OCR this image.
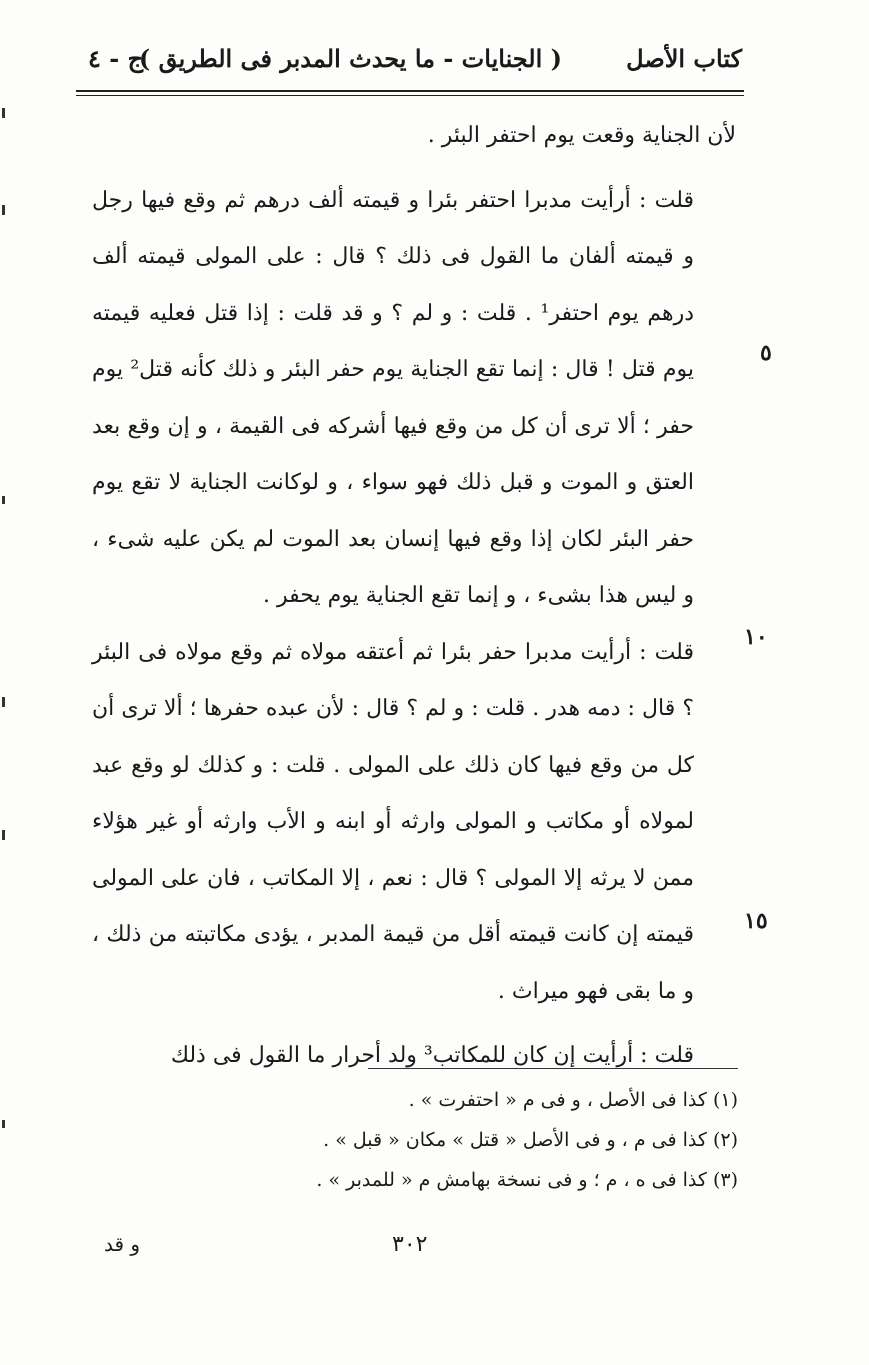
كتاب الأصل
( الجنايات - ما يحدث المدبر فى الطريق )
ج - ٤

لأن الجناية وقعت يوم احتفر البئر .

قلت : أرأيت مدبرا احتفر بئرا و قيمته ألف درهم ثم وقع فيها رجل و قيمته ألفان ما القول فى ذلك ؟ قال : على المولى قيمته ألف درهم يوم احتفر¹ . قلت : و لم ؟ و قد قلت : إذا قتل فعليه قيمته يوم قتل ! قال : إنما تقع الجناية يوم حفر البئر و ذلك كأنه قتل² يوم حفر ؛ ألا ترى أن كل من وقع فيها أشركه فى القيمة ، و إن وقع بعد العتق و الموت و قبل ذلك فهو سواء ، و لوكانت الجناية لا تقع يوم حفر البئر لكان إذا وقع فيها إنسان بعد الموت لم يكن عليه شىء ، و ليس هذا بشىء ، و إنما تقع الجناية يوم يحفر .

قلت : أرأيت مدبرا حفر بئرا ثم أعتقه مولاه ثم وقع مولاه فى البئر ؟ قال : دمه هدر . قلت : و لم ؟ قال : لأن عبده حفرها ؛ ألا ترى أن كل من وقع فيها كان ذلك على المولى . قلت : و كذلك لو وقع عبد لمولاه أو مكاتب و المولى وارثه أو ابنه و الأب وارثه أو غير هؤلاء ممن لا يرثه إلا المولى ؟ قال : نعم ، إلا المكاتب ، فان على المولى قيمته إن كانت قيمته أقل من قيمة المدبر ، يؤدى مكاتبته من ذلك ، و ما بقى فهو ميراث .

قلت : أرأيت إن كان للمكاتب³ ولد أحرار ما القول فى ذلك

٥
١٠
١٥
(١) كذا فى الأصل ، و فى م « احتفرت » .
(٢) كذا فى م ، و فى الأصل « قتل » مكان « قبل » .
(٣) كذا فى ه ، م ؛ و فى نسخة بهامش م « للمدبر » .
٣٠٢
و قد
